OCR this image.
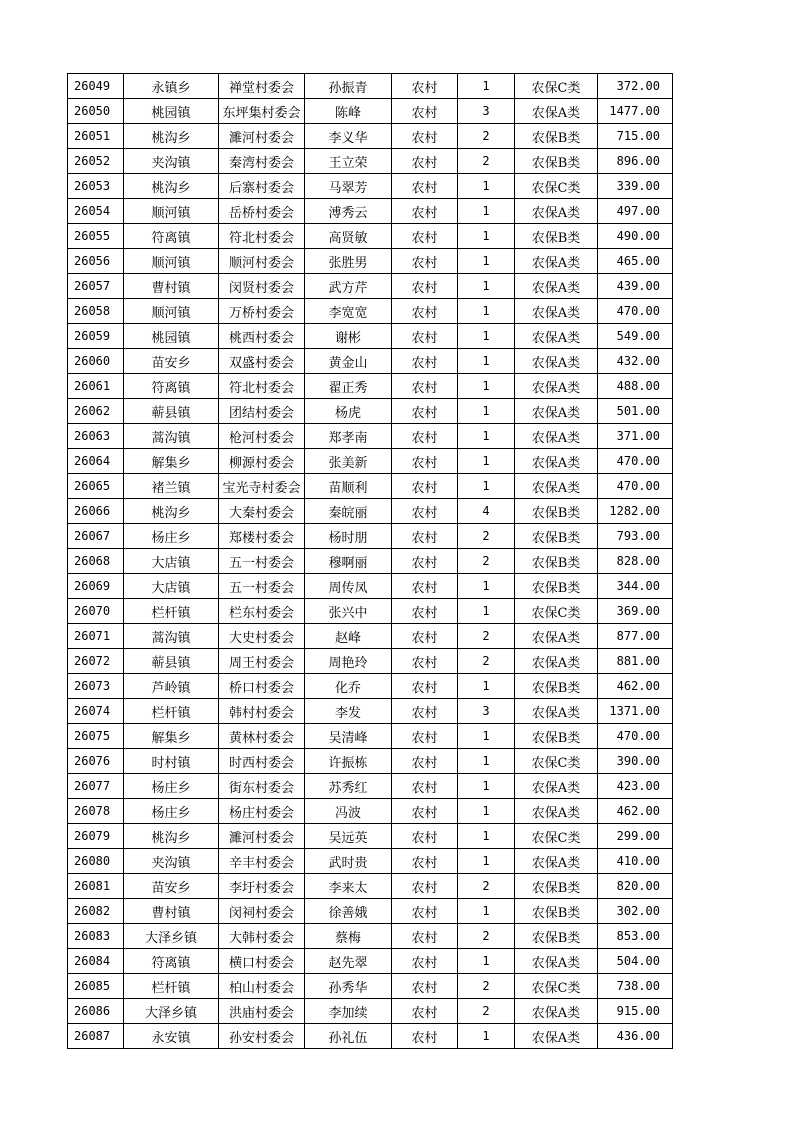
26049	永镇乡	禅堂村委会	孙振青	农村	1	农保C类	372.00
26050	桃园镇	东坪集村委会	陈峰	农村	3	农保A类	1477.00
26051	桃沟乡	濉河村委会	李义华	农村	2	农保B类	715.00
26052	夹沟镇	秦湾村委会	王立荣	农村	2	农保B类	896.00
26053	桃沟乡	后寨村委会	马翠芳	农村	1	农保C类	339.00
26054	顺河镇	岳桥村委会	溥秀云	农村	1	农保A类	497.00
26055	符离镇	符北村委会	高贤敏	农村	1	农保B类	490.00
26056	顺河镇	顺河村委会	张胜男	农村	1	农保A类	465.00
26057	曹村镇	闵贤村委会	武方芹	农村	1	农保A类	439.00
26058	顺河镇	万桥村委会	李宽宽	农村	1	农保A类	470.00
26059	桃园镇	桃西村委会	谢彬	农村	1	农保A类	549.00
26060	苗安乡	双盛村委会	黄金山	农村	1	农保A类	432.00
26061	符离镇	符北村委会	翟正秀	农村	1	农保A类	488.00
26062	蕲县镇	团结村委会	杨虎	农村	1	农保A类	501.00
26063	蒿沟镇	枪河村委会	郑孝南	农村	1	农保A类	371.00
26064	解集乡	柳源村委会	张美新	农村	1	农保A类	470.00
26065	褚兰镇	宝光寺村委会	苗顺利	农村	1	农保A类	470.00
26066	桃沟乡	大秦村委会	秦皖丽	农村	4	农保B类	1282.00
26067	杨庄乡	郑楼村委会	杨时朋	农村	2	农保B类	793.00
26068	大店镇	五一村委会	穆啊丽	农村	2	农保B类	828.00
26069	大店镇	五一村委会	周传凤	农村	1	农保B类	344.00
26070	栏杆镇	栏东村委会	张兴中	农村	1	农保C类	369.00
26071	蒿沟镇	大史村委会	赵峰	农村	2	农保A类	877.00
26072	蕲县镇	周王村委会	周艳玲	农村	2	农保A类	881.00
26073	芦岭镇	桥口村委会	化乔	农村	1	农保B类	462.00
26074	栏杆镇	韩村村委会	李发	农村	3	农保A类	1371.00
26075	解集乡	黄林村委会	吴清峰	农村	1	农保B类	470.00
26076	时村镇	时西村委会	许振栋	农村	1	农保C类	390.00
26077	杨庄乡	街东村委会	苏秀红	农村	1	农保A类	423.00
26078	杨庄乡	杨庄村委会	冯波	农村	1	农保A类	462.00
26079	桃沟乡	濉河村委会	吴远英	农村	1	农保C类	299.00
26080	夹沟镇	辛丰村委会	武时贵	农村	1	农保A类	410.00
26081	苗安乡	李圩村委会	李来太	农村	2	农保B类	820.00
26082	曹村镇	闵祠村委会	徐善娥	农村	1	农保B类	302.00
26083	大泽乡镇	大韩村委会	蔡梅	农村	2	农保B类	853.00
26084	符离镇	横口村委会	赵先翠	农村	1	农保A类	504.00
26085	栏杆镇	柏山村委会	孙秀华	农村	2	农保C类	738.00
26086	大泽乡镇	洪庙村委会	李加续	农村	2	农保A类	915.00
26087	永安镇	孙安村委会	孙礼伍	农村	1	农保A类	436.00
